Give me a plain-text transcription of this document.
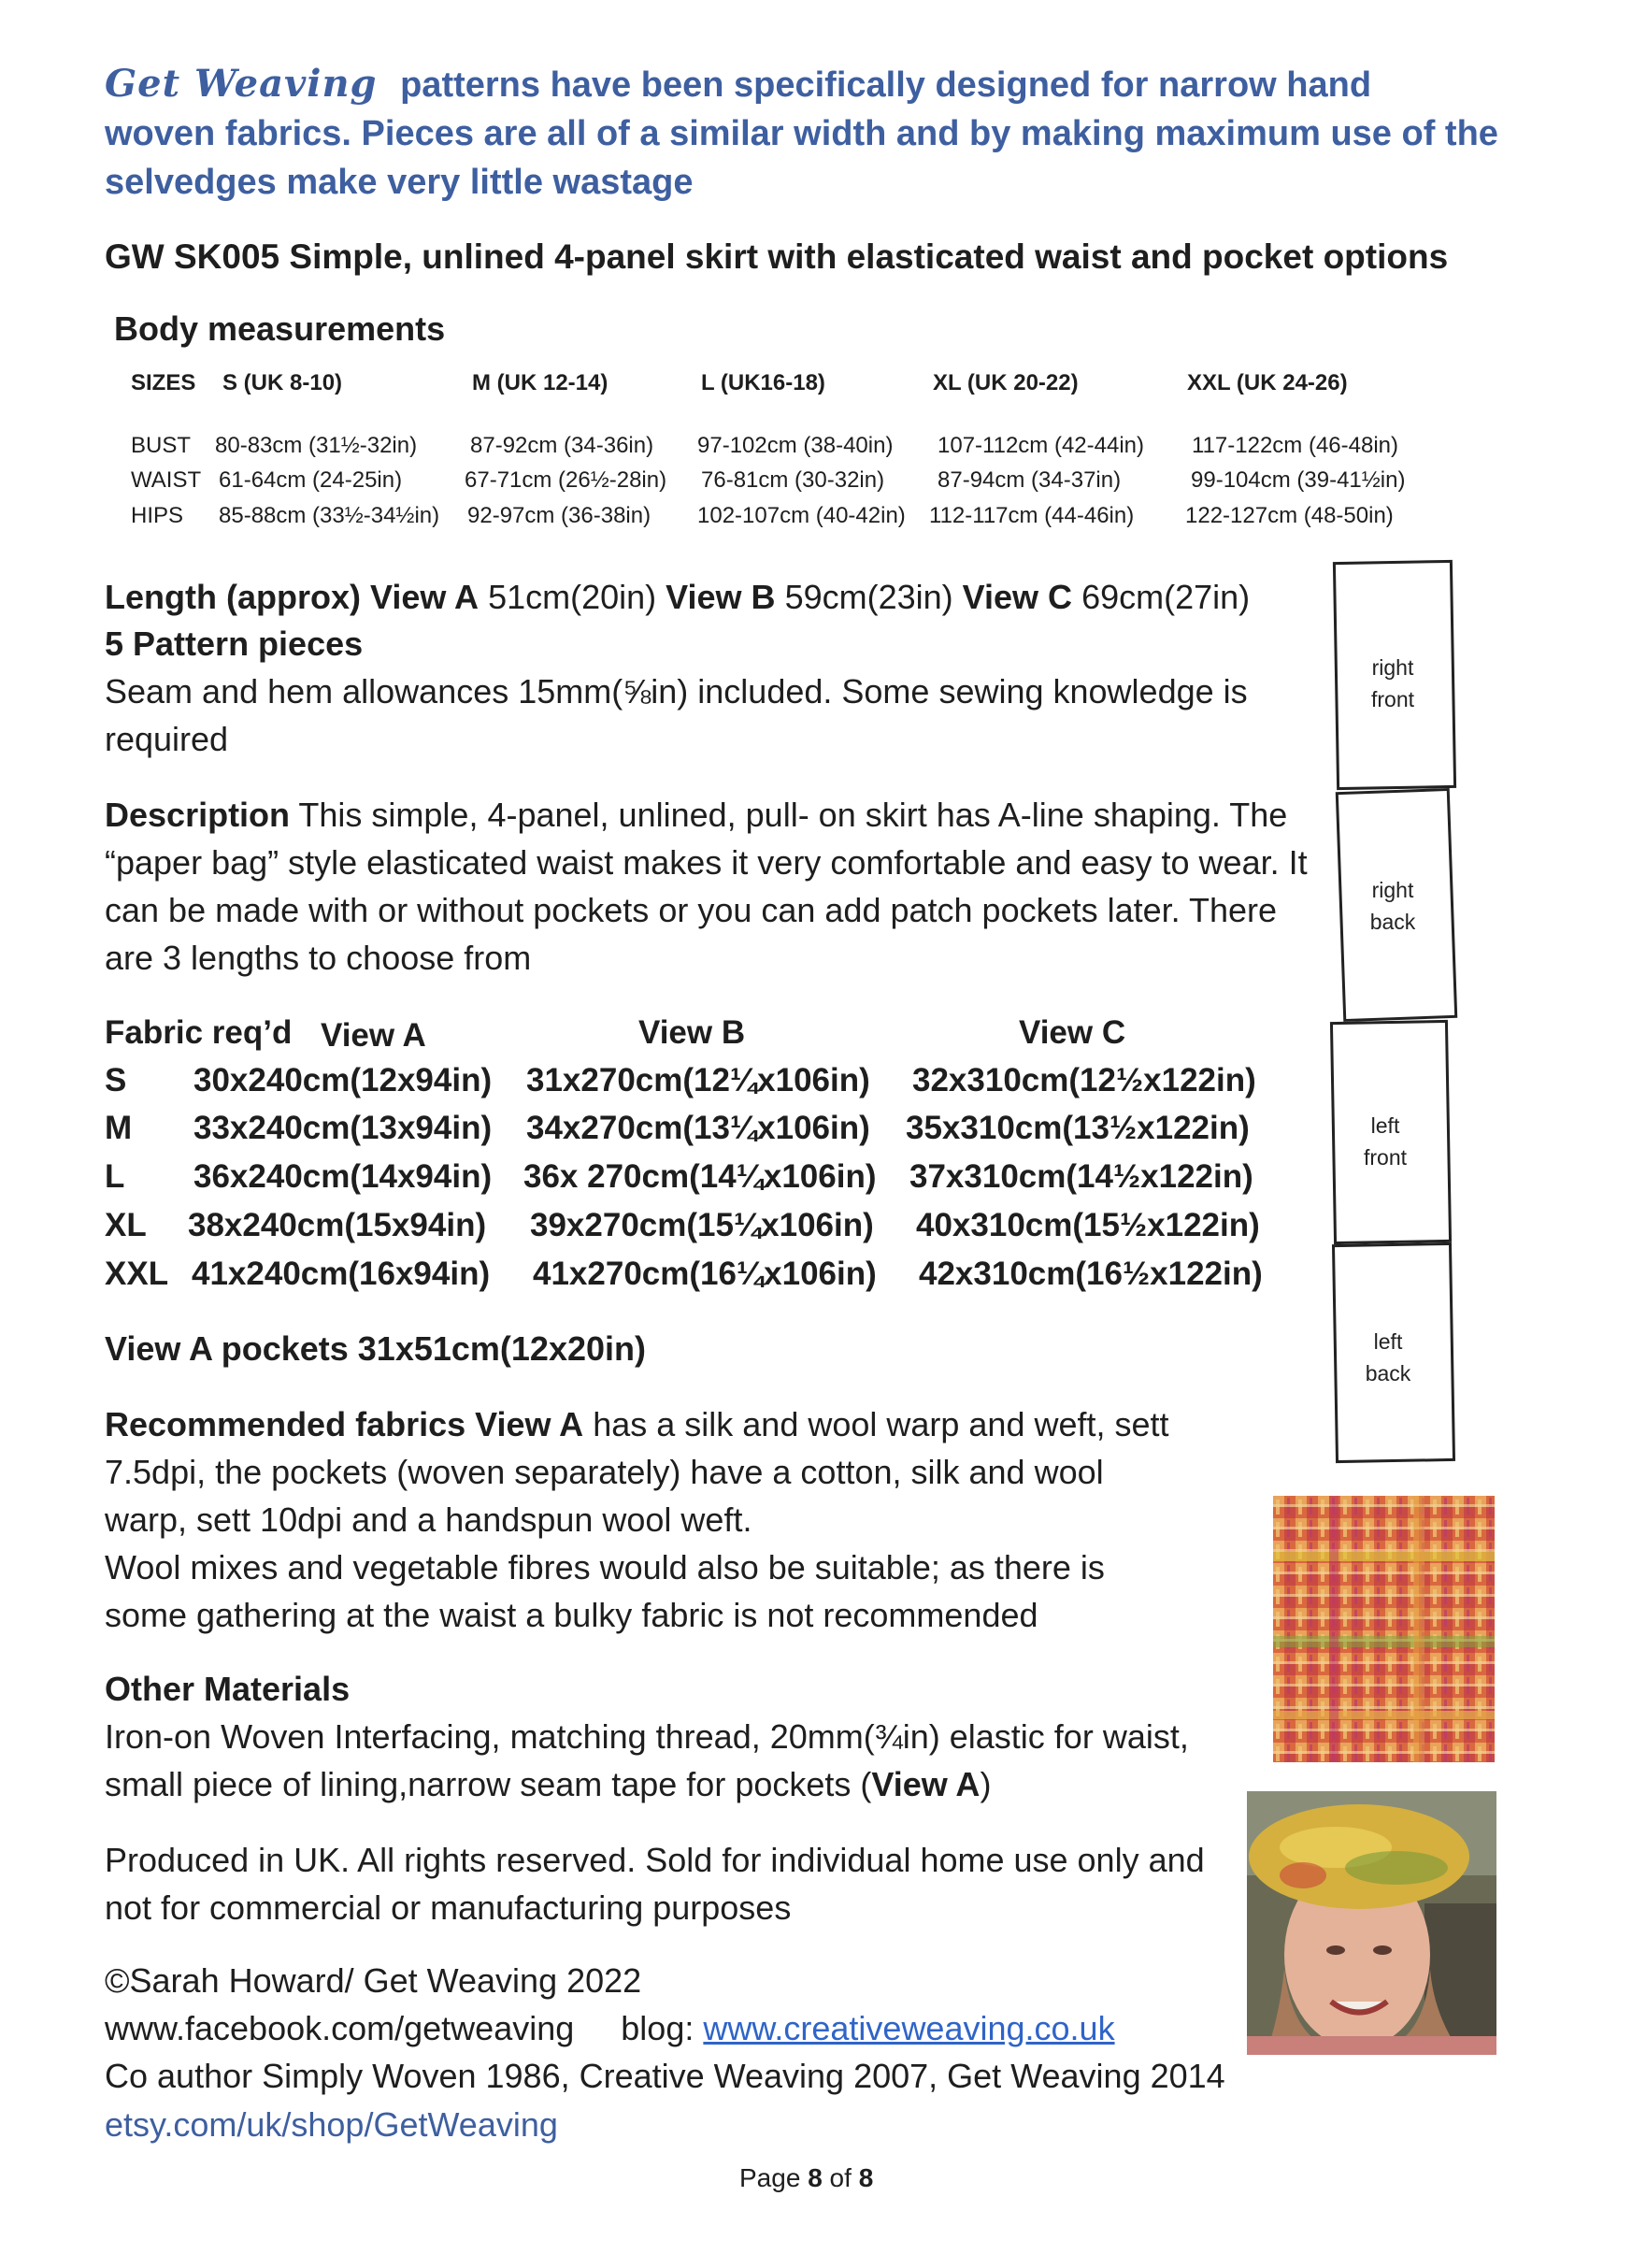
Get Weaving patterns have been specifically designed for narrow hand
woven fabrics. Pieces are all of a similar width and by making maximum use of the
selvedges make very little wastage
GW SK005 Simple, unlined 4-panel skirt with elasticated waist and pocket options
Body measurements
SIZES S (UK 8-10)	M (UK 12-14)	L (UK16-18)	XL (UK 20-22)	XXL (UK 24-26)
BUST 80-83cm (31½-32in) 87-92cm (34-36in) 97-102cm (38-40in) 107-112cm (42-44in) 117-122cm (46-48in)
WAIST 61-64cm (24-25in)	67-71cm (26½-28in) 76-81cm (30-32in) 87-94cm (34-37in)	99-104cm (39-41½in)
HIPS 85-88cm (33½-34½in) 92-97cm (36-38in) 102-107cm (40-42in) 112-117cm (44-46in) 122-127cm (48-50in)
Length (approx) View A 51cm(20in) View B 59cm(23in) View C 69cm(27in)
5 Pattern pieces
Seam and hem allowances 15mm(⅝in) included. Some sewing knowledge is required
Description This simple, 4-panel, unlined, pull- on skirt has A-line shaping. The “paper bag” style elasticated waist makes it very comfortable and easy to wear. It can be made with or without pockets or you can add patch pockets later. There are 3 lengths to choose from
Fabric req’d View A	View B	View C
S 30x240cm(12x94in) 31x270cm(12¼x106in) 32x310cm(12½x122in)
M 33x240cm(13x94in) 34x270cm(13¼x106in) 35x310cm(13½x122in)
L 36x240cm(14x94in) 36x 270cm(14¼x106in) 37x310cm(14½x122in)
XL 38x240cm(15x94in) 39x270cm(15¼x106in) 40x310cm(15½x122in)
XXL 41x240cm(16x94in) 41x270cm(16¼x106in) 42x310cm(16½x122in)
View A pockets 31x51cm(12x20in)
Recommended fabrics View A has a silk and wool warp and weft, sett 7.5dpi, the pockets (woven separately) have a cotton, silk and wool warp, sett 10dpi and a handspun wool weft.
Wool mixes and vegetable fibres would also be suitable; as there is some gathering at the waist a bulky fabric is not recommended
Other Materials
Iron-on Woven Interfacing, matching thread, 20mm(¾in) elastic for waist, small piece of lining,narrow seam tape for pockets (View A)
Produced in UK. All rights reserved. Sold for individual home use only and not for commercial or manufacturing purposes
©Sarah Howard/ Get Weaving 2022
www.facebook.com/getweaving blog: www.creativeweaving.co.uk
Co author Simply Woven 1986, Creative Weaving 2007, Get Weaving 2014
etsy.com/uk/shop/GetWeaving
Page 8 of 8
right
front
right
back
left
front
left
back
